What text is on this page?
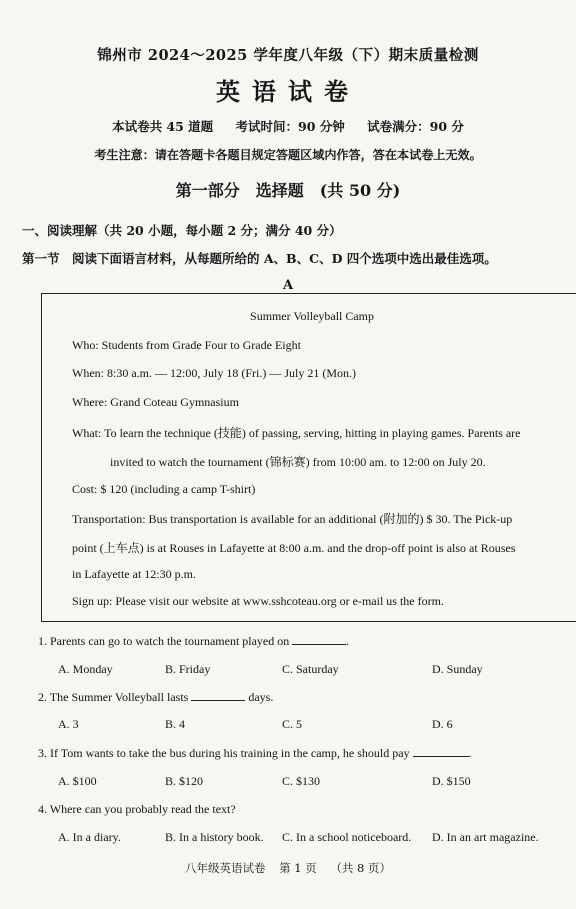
锦州市 2024～2025 学年度八年级（下）期末质量检测
英语试卷
本试卷共 45 道题 考试时间：90 分钟 试卷满分：90 分
考生注意：请在答题卡各题目规定答题区域内作答，答在本试卷上无效。
第一部分　选择题　(共 50 分)
一、阅读理解（共 20 小题，每小题 2 分；满分 40 分）
第一节　阅读下面语言材料，从每题所给的 A、B、C、D 四个选项中选出最佳选项。
A
Summer Volleyball Camp
Who: Students from Grade Four to Grade Eight
When: 8:30 a.m. — 12:00, July 18 (Fri.) — July 21 (Mon.)
Where: Grand Coteau Gymnasium
What: To learn the technique (技能) of passing, serving, hitting in playing games. Parents are
invited to watch the tournament (锦标赛) from 10:00 am. to 12:00 on July 20.
Cost: $ 120 (including a camp T-shirt)
Transportation: Bus transportation is available for an additional (附加的) $ 30. The Pick-up
point (上车点) is at Rouses in Lafayette at 8:00 a.m. and the drop-off point is also at Rouses
in Lafayette at 12:30 p.m.
Sign up: Please visit our website at www.sshcoteau.org or e-mail us the form.
1. Parents can go to watch the tournament played on	.
A. Monday	B. Friday	C. Saturday	D. Sunday
2. The Summer Volleyball lasts	days.
A. 3	B. 4	C. 5	D. 6
3. If Tom wants to take the bus during his training in the camp, he should pay	.
A. $100	B. $120	C. $130	D. $150
4. Where can you probably read the text?
A. In a diary.	B. In a history book. C. In a school noticeboard. D. In an art magazine.
八年级英语试卷 第 1 页 （共 8 页）
